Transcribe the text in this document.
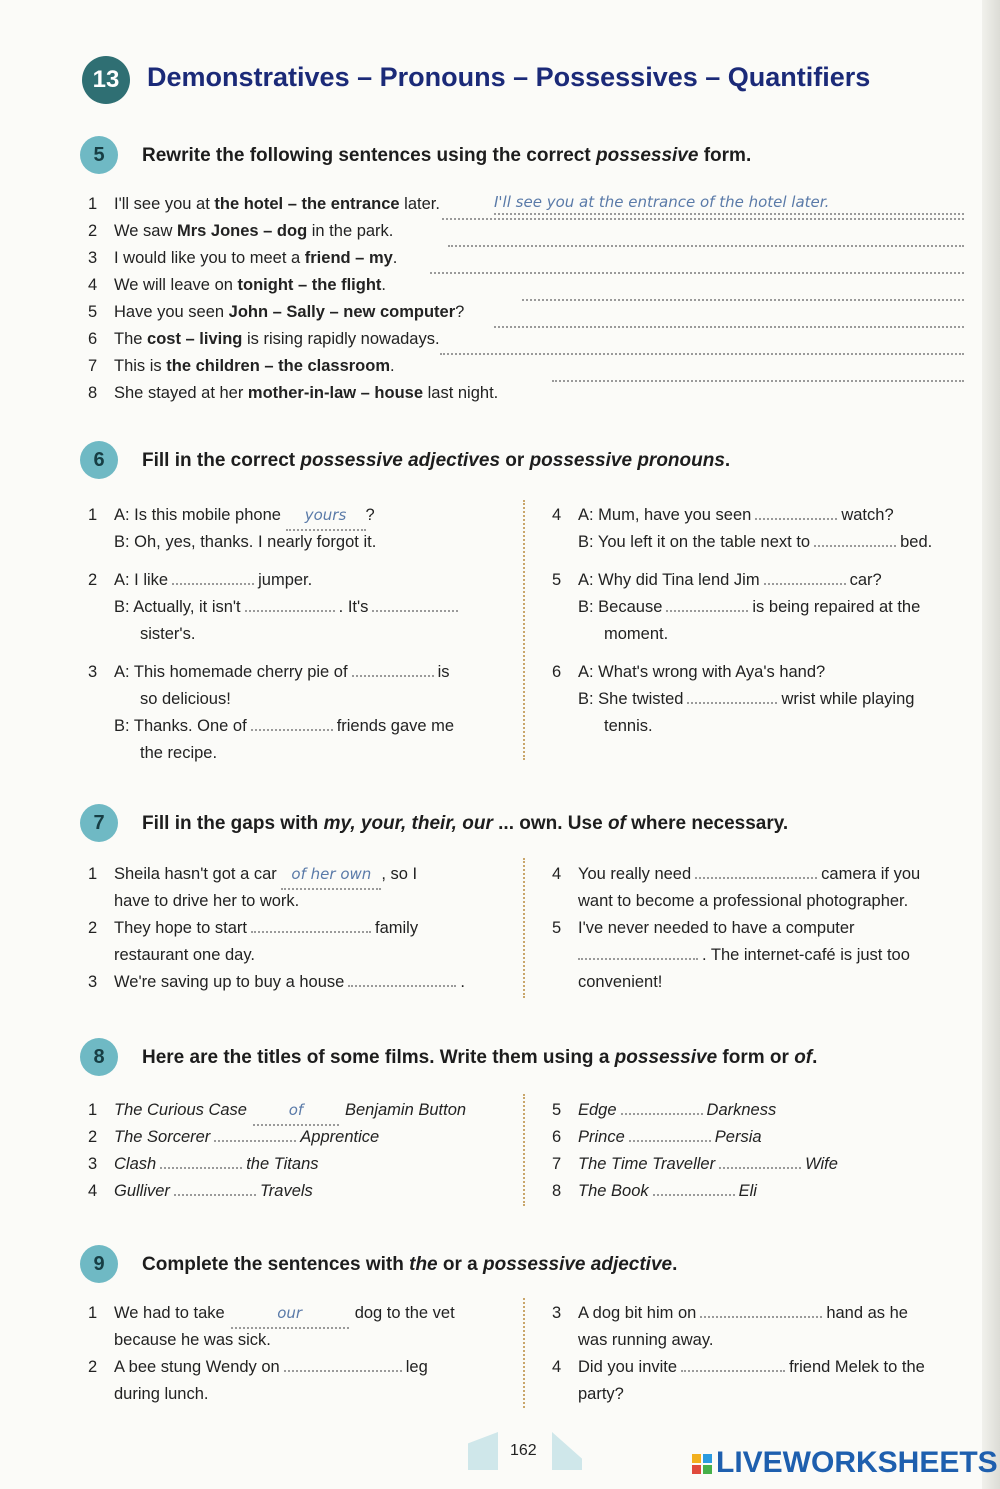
13	Demonstratives – Pronouns – Possessives – Quantifiers
5	Rewrite the following sentences using the correct possessive form.
1 I'll see you at the hotel – the entrance later.	I'll see you at the entrance of the hotel later.
2 We saw Mrs Jones – dog in the park.
3 I would like you to meet a friend – my.
4 We will leave on tonight – the flight.
5 Have you seen John – Sally – new computer?
6 The cost – living is rising rapidly nowadays.
7 This is the children – the classroom.
8 She stayed at her mother-in-law – house last night.
6	Fill in the correct possessive adjectives or possessive pronouns.
1 A: Is this mobile phone yours ?
B: Oh, yes, thanks. I nearly forgot it.
2 A: I like	jumper.
B: Actually, it isn't	. It's
sister's.
3 A: This homemade cherry pie of	is
so delicious!
B: Thanks. One of	friends gave me
the recipe.
4 A: Mum, have you seen	watch?
B: You left it on the table next to	bed.
5 A: Why did Tina lend Jim	car?
B: Because	is being repaired at the
moment.
6 A: What's wrong with Aya's hand?
B: She twisted	wrist while playing
tennis.
7	Fill in the gaps with my, your, their, our ... own. Use of where necessary.
1 Sheila hasn't got a car of her own , so I
have to drive her to work.
2 They hope to start	family
restaurant one day.
3 We're saving up to buy a house	.
4 You really need	camera if you
want to become a professional photographer.
5 I've never needed to have a computer
. The internet-café is just too
convenient!
8	Here are the titles of some films. Write them using a possessive form or of.
1 The Curious Case	of	Benjamin Button
2 The Sorcerer	Apprentice
3 Clash	the Titans
4 Gulliver	Travels
5 Edge	Darkness
6 Prince	Persia
7 The Time Traveller	Wife
8 The Book	Eli
9	Complete the sentences with the or a possessive adjective.
1 We had to take	our	dog to the vet
because he was sick.
2 A bee stung Wendy on	leg
during lunch.
3 A dog bit him on	hand as he
was running away.
4 Did you invite	friend Melek to the
party?
162	LIVEWORKSHEETS
